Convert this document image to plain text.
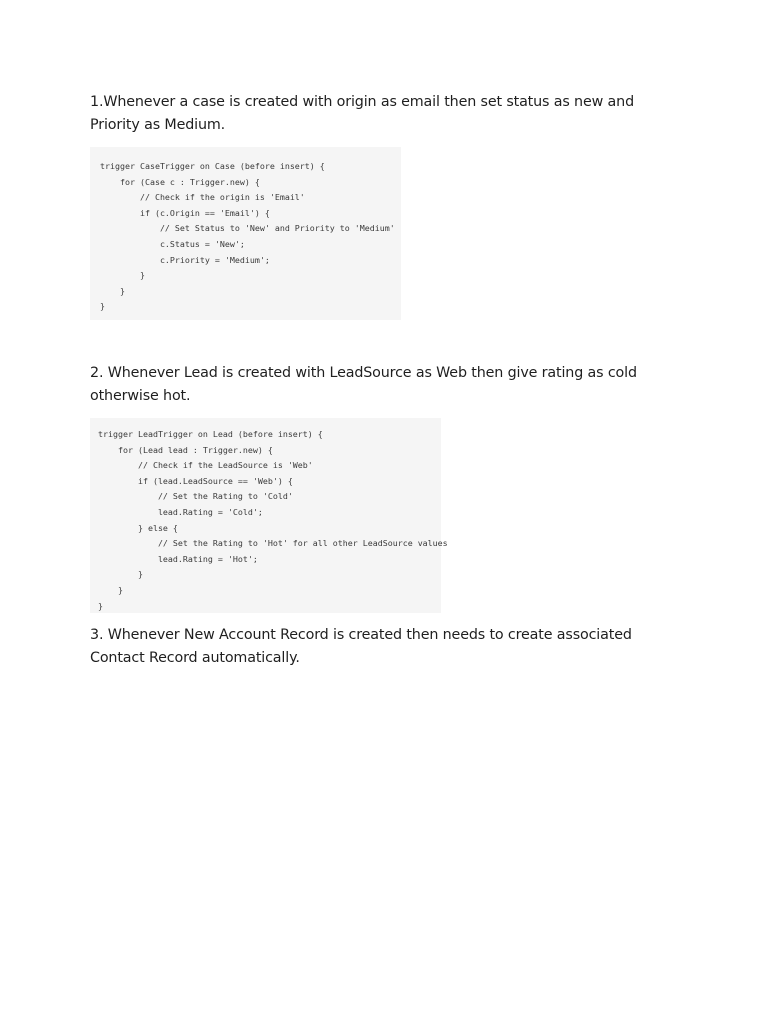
1.Whenever a case is created with origin as email then set status as new and Priority as Medium.

trigger CaseTrigger on Case (before insert) {
for (Case c : Trigger.new) {
// Check if the origin is 'Email'
if (c.Origin == 'Email') {
// Set Status to 'New' and Priority to 'Medium'
c.Status = 'New';
c.Priority = 'Medium';
}
}
}

2. Whenever Lead is created with LeadSource as Web then give rating as cold otherwise hot.

trigger LeadTrigger on Lead (before insert) {
for (Lead lead : Trigger.new) {
// Check if the LeadSource is 'Web'
if (lead.LeadSource == 'Web') {
// Set the Rating to 'Cold'
lead.Rating = 'Cold';
} else {
// Set the Rating to 'Hot' for all other LeadSource values
lead.Rating = 'Hot';
}
}
}

3. Whenever New Account Record is created then needs to create associated Contact Record automatically.
